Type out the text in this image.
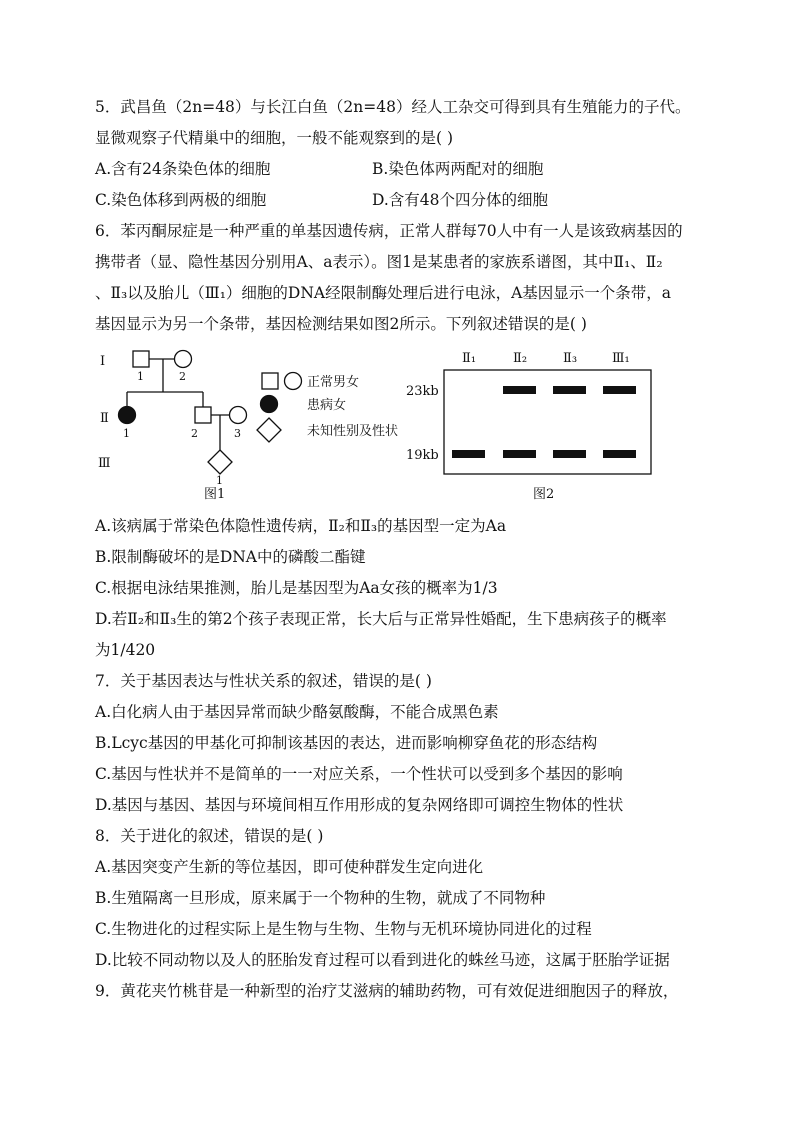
5．武昌鱼（2n=48）与长江白鱼（2n=48）经人工杂交可得到具有生殖能力的子代。
显微观察子代精巢中的细胞，一般不能观察到的是( )
A.含有24条染色体的细胞	B.染色体两两配对的细胞
C.染色体移到两极的细胞	D.含有48个四分体的细胞
6．苯丙酮尿症是一种严重的单基因遗传病，正常人群每70人中有一人是该致病基因的
携带者（显、隐性基因分别用A、a表示）。图1是某患者的家族系谱图，其中Ⅱ₁、Ⅱ₂
、Ⅱ₃以及胎儿（Ⅲ₁）细胞的DNA经限制酶处理后进行电泳，A基因显示一个条带，a
基因显示为另一个条带，基因检测结果如图2所示。下列叙述错误的是( )
Ⅰ
Ⅱ
Ⅲ
1	2
1	2	3
1
正常男女
患病女
未知性别及性状
图1
Ⅱ₁	Ⅱ₂	Ⅱ₃	Ⅲ₁
23kb
19kb
图2
A.该病属于常染色体隐性遗传病，Ⅱ₂和Ⅱ₃的基因型一定为Aa
B.限制酶破坏的是DNA中的磷酸二酯键
C.根据电泳结果推测，胎儿是基因型为Aa女孩的概率为1/3
D.若Ⅱ₂和Ⅱ₃生的第2个孩子表现正常，长大后与正常异性婚配，生下患病孩子的概率
为1/420
7．关于基因表达与性状关系的叙述，错误的是( )
A.白化病人由于基因异常而缺少酪氨酸酶，不能合成黑色素
B.Lcyc基因的甲基化可抑制该基因的表达，进而影响柳穿鱼花的形态结构
C.基因与性状并不是简单的一一对应关系，一个性状可以受到多个基因的影响
D.基因与基因、基因与环境间相互作用形成的复杂网络即可调控生物体的性状
8．关于进化的叙述，错误的是( )
A.基因突变产生新的等位基因，即可使种群发生定向进化
B.生殖隔离一旦形成，原来属于一个物种的生物，就成了不同物种
C.生物进化的过程实际上是生物与生物、生物与无机环境协同进化的过程
D.比较不同动物以及人的胚胎发育过程可以看到进化的蛛丝马迹，这属于胚胎学证据
9．黄花夹竹桃苷是一种新型的治疗艾滋病的辅助药物，可有效促进细胞因子的释放，
